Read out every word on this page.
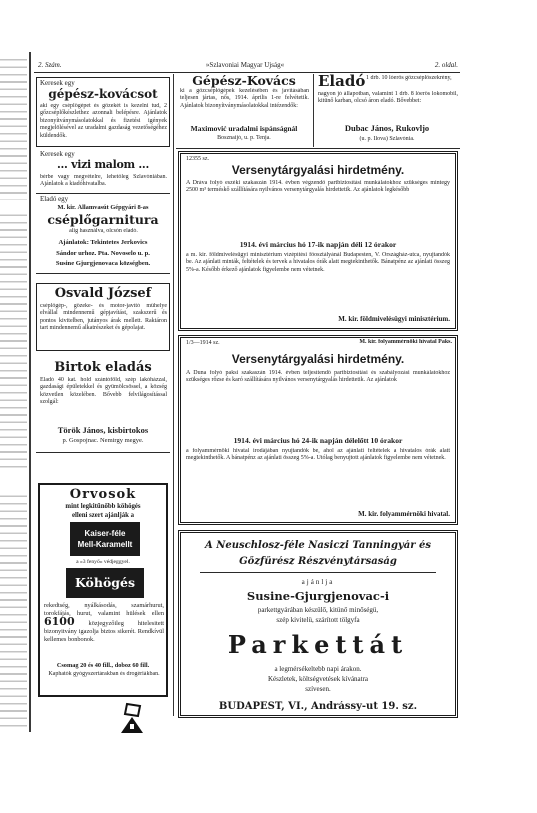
2. Szám.	»Szlavoniai Magyar Ujság«	2. oldal.
Keresek egy
gépész-kovácsot
aki egy cséplőgépet és gőzekét is kezelni tud, 2 gőzcséplőkészlethez azonnali belépésre. Ajánlatok bizonyítványmásolatokkal és fizetési igények megjelölésével az uradalmi gazdaság vezetőségéhez küldendők.
Keresek egy
... vizi malom ...
bérbe vagy megvételre, lehetőleg Szlavóniában. Ajánlatok a kiadóhivatalba.
Eladó egy
M. kir. Államvasút Gépgyári 8-as
cséplőgarnitura
alig használva, olcsón eladó.
Ajánlatok: Tekintetes Jerkovics
Sándor urhoz. Pta. Novoselo u. p.
Susine Gjurgjenovaca községben.
Osvald József
cséplőgép-, gőzeke- és motor-javító műhelye elvállal mindennemű gépjavítást, szakszerű és pontos kivitelben, jutányos árak mellett. Raktáron tart mindennemű alkatrészeket és gépolajat.
Birtok eladás
Eladó 40 kat. hold szántóföld, szép lakóházzal, gazdasági épületekkel és gyümölcsössel, a község közvetlen közelében. Bővebb felvilágosítással szolgál:
Török János, kisbirtokos
p. Gospojnac. Nemirgy megye.
Orvosok
mint legkitűnőbb köhögés
elleni szert ajánlják a
Kaiser-féle
Mell-Karamellt
a »3 fenyő« védjeggyel.
Köhögés
rekedtség, nyálkásodás, szamárhurut, torokfájás, hurut, valamint hülések ellen 6100 közjegyzőileg hitelesitett bizonyitvány igazolja biztos sikerét. Rendkívül kellemes bonbonok.
Csomag 20 és 40 fill., doboz 60 fill.
Kaphatók gyógyszertárakban és drogériákban.
Gépész-Kovács
ki a gőzcséplőgépek kezelésében és javításában teljesen jártas, nős, 1914. április 1-re felvétetik. Ajánlatok bizonyítványmásolatokkal intézendők:
Maximović uradalmi ispánságnál
Bosznaijó, u. p. Tenja.
Eladó 1 drb. 10 lóerős gőzcséplőszekrény,
nagyon jó állapotban, valamint 1 drb. 8 lóerős lokomobil, kitünő karban, olcsó áron eladó. Bővebbet:
Dubac János, Rukovljo
(u. p. Ilova) Szlavónia.
12355 sz.
Versenytárgyalási hirdetmény.
A Dráva folyó eszéki szakaszán 1914. évben végzendő partbiztosítási munkálatokhoz szükséges mintegy 2500 m³ terméskő szállítására nyilvános versenytárgyalás hirdettetik. Az ajánlatok legkésőbb
1914. évi március hó 17-ik napján déli 12 órakor
a m. kir. földmivelésügyi minisztérium vízépítési főosztályánál Budapesten, V. Országház-utca, nyujtandók be. Az ajánlati minták, feltételek és tervek a hivatalos órák alatt megtekinthetők. Bánatpénz az ajánlati összeg 5%-a. Később érkező ajánlatok figyelembe nem vétetnek.
M. kir. földmivelésügyi minisztérium.
1/3—1914 sz.	M. kir. folyammérnöki hivatal Paks.
Versenytárgyalási hirdetmény.
A Duna folyó paksi szakaszán 1914. évben teljesítendő partbiztosítási és szabályozási munkálatokhoz szükséges rőzse és karó szállítására nyilvános versenytárgyalás hirdettetik. Az ajánlatok
1914. évi március hó 24-ik napján délelőtt 10 órakor
a folyammérnöki hivatal irodájában nyujtandók be, ahol az ajánlati feltételek a hivatalos órák alatt megtekinthetők. A bánatpénz az ajánlati összeg 5%-a. Utólag benyujtott ajánlatok figyelembe nem vétetnek.
M. kir. folyammérnöki hivatal.
A Neuschlosz-féle Nasiczi Tanningyár és
Gőzfűrész Részvénytársaság
ajánlja
Susine-Gjurgjenovac-i
parkettgyárában készülő, kitünő minőségü,
szép kivitelü, szárított tölgyfa
Parkettát
a legmérsékeltebb napi árakon.
Készletek, költségvetések kívánatra
szívesen.
BUDAPEST, VI., Andrássy-ut 19. sz.
